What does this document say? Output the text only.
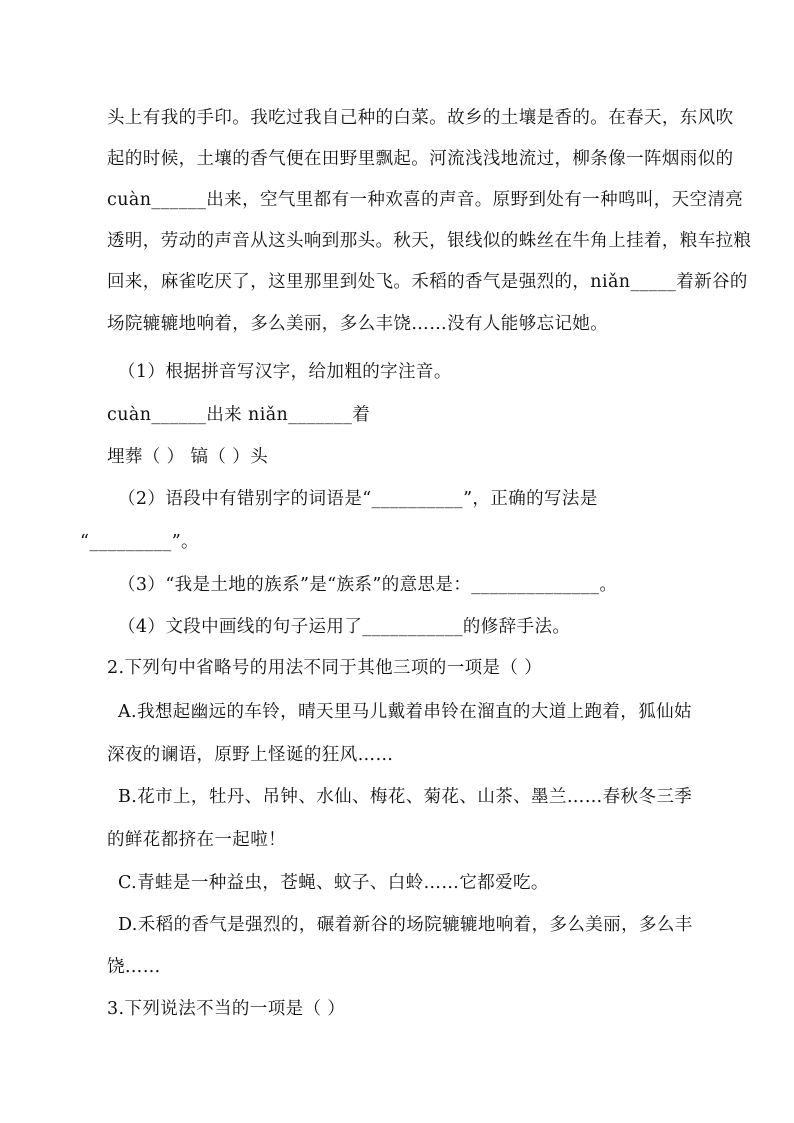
头上有我的手印。我吃过我自己种的白菜。故乡的土壤是香的。在春天，东风吹
起的时候，土壤的香气便在田野里飘起。河流浅浅地流过，柳条像一阵烟雨似的
cuàn______出来，空气里都有一种欢喜的声音。原野到处有一种鸣叫，天空清亮
透明，劳动的声音从这头响到那头。秋天，银线似的蛛丝在牛角上挂着，粮车拉粮
回来，麻雀吃厌了，这里那里到处飞。禾稻的香气是强烈的，niǎn_____着新谷的
场院辘辘地响着，多么美丽，多么丰饶……没有人能够忘记她。
（1）根据拼音写汉字，给加粗的字注音。
cuàn______出来 niǎn_______着
埋葬（ ） 镐（ ）头
（2）语段中有错别字的词语是“__________”，正确的写法是
“_________”。
（3）“我是土地的族系”是“族系”的意思是：______________。
（4）文段中画线的句子运用了___________的修辞手法。
2.下列句中省略号的用法不同于其他三项的一项是（ ）
A.我想起幽远的车铃，晴天里马儿戴着串铃在溜直的大道上跑着，狐仙姑
深夜的谰语，原野上怪诞的狂风……
B.花市上，牡丹、吊钟、水仙、梅花、菊花、山茶、墨兰……春秋冬三季
的鲜花都挤在一起啦！
C.青蛙是一种益虫，苍蝇、蚊子、白蛉……它都爱吃。
D.禾稻的香气是强烈的，碾着新谷的场院辘辘地响着，多么美丽，多么丰
饶……
3.下列说法不当的一项是（ ）
